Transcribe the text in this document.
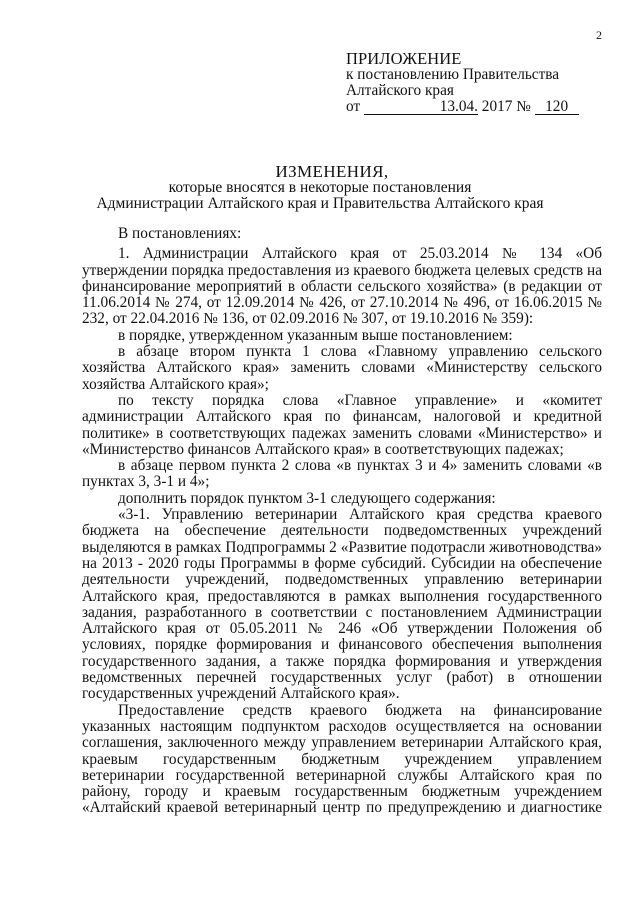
2
ПРИЛОЖЕНИЕ
к постановлению Правительства
Алтайского края
от	13.04. 2017 № 120
ИЗМЕНЕНИЯ,
которые вносятся в некоторые постановления
Администрации Алтайского края и Правительства Алтайского края

В постановлениях:

1. Администрации Алтайского края от 25.03.2014 № 134 «Об утверждении порядка предоставления из краевого бюджета целевых средств на финансирование мероприятий в области сельского хозяйства» (в редакции от 11.06.2014 № 274, от 12.09.2014 № 426, от 27.10.2014 № 496, от 16.06.2015 № 232, от 22.04.2016 № 136, от 02.09.2016 № 307, от 19.10.2016 № 359):

в порядке, утвержденном указанным выше постановлением:

в абзаце втором пункта 1 слова «Главному управлению сельского хозяйства Алтайского края» заменить словами «Министерству сельского хозяйства Алтайского края»;

по тексту порядка слова «Главное управление» и «комитет администрации Алтайского края по финансам, налоговой и кредитной политике» в соответствующих падежах заменить словами «Министерство» и «Министерство финансов Алтайского края» в соответствующих падежах;

в абзаце первом пункта 2 слова «в пунктах 3 и 4» заменить словами «в пунктах 3, 3-1 и 4»;

дополнить порядок пунктом 3-1 следующего содержания:

«3-1. Управлению ветеринарии Алтайского края средства краевого бюджета на обеспечение деятельности подведомственных учреждений выделяются в рамках Подпрограммы 2 «Развитие подотрасли животноводства» на 2013 - 2020 годы Программы в форме субсидий. Субсидии на обеспечение деятельности учреждений, подведомственных управлению ветеринарии Алтайского края, предоставляются в рамках выполнения государственного задания, разработанного в соответствии с постановлением Администрации Алтайского края от 05.05.2011 № 246 «Об утверждении Положения об условиях, порядке формирования и финансового обеспечения выполнения государственного задания, а также порядка формирования и утверждения ведомственных перечней государственных услуг (работ) в отношении государственных учреждений Алтайского края».

Предоставление средств краевого бюджета на финансирование указанных настоящим подпунктом расходов осуществляется на основании соглашения, заключенного между управлением ветеринарии Алтайского края, краевым государственным бюджетным учреждением управлением ветеринарии государственной ветеринарной службы Алтайского края по району, городу и краевым государственным бюджетным учреждением «Алтайский краевой ветеринарный центр по предупреждению и диагностике
